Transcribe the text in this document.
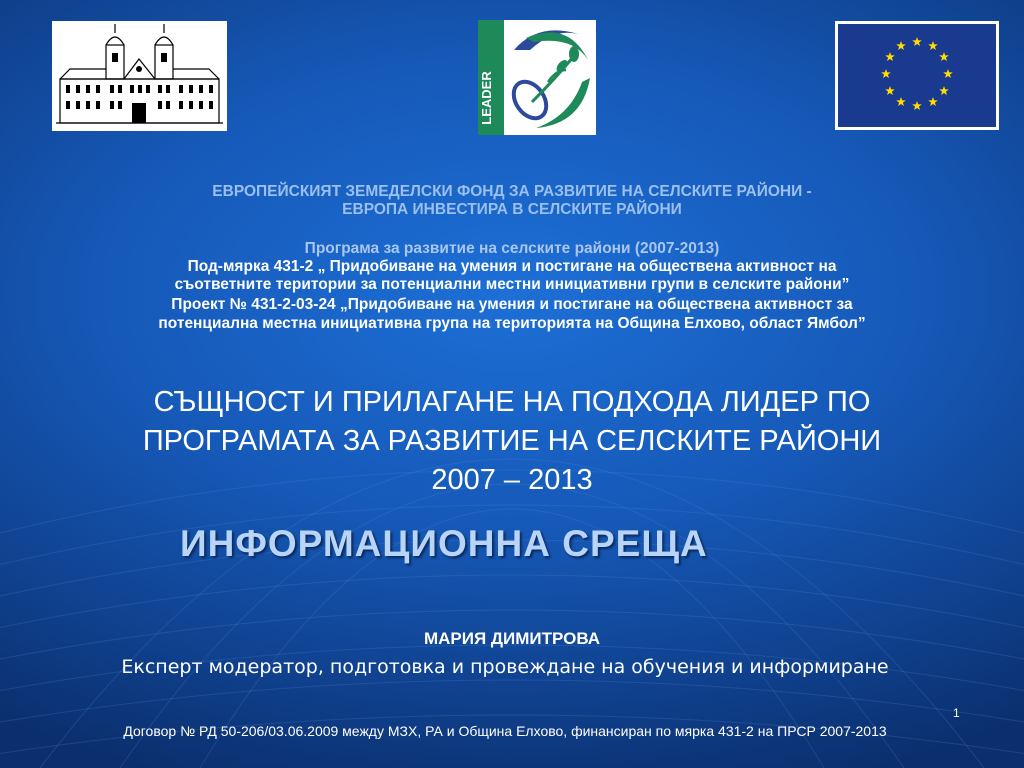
LEADER
ЕВРОПЕЙСКИЯТ ЗЕМЕДЕЛСКИ ФОНД ЗА РАЗВИТИЕ НА СЕЛСКИТЕ РАЙОНИ -
ЕВРОПА ИНВЕСТИРА В СЕЛСКИТЕ РАЙОНИ
Програма за развитие на селските райони (2007-2013)
Под-мярка 431-2 „ Придобиване на умения и постигане на обществена активност на
съответните територии за потенциални местни инициативни групи в селските райони”
Проект № 431-2-03-24 „Придобиване на умения и постигане на обществена активност за
потенциална местна инициативна група на територията на Община Елхово, област Ямбол”
СЪЩНОСТ И ПРИЛАГАНЕ НА ПОДХОДА ЛИДЕР ПО
ПРОГРАМАТА ЗА РАЗВИТИЕ НА СЕЛСКИТЕ РАЙОНИ
2007 – 2013
ИНФОРМАЦИОННА СРЕЩА
МАРИЯ ДИМИТРОВА
Експерт модератор, подготовка и провеждане на обучения и информиране
1
Договор № РД 50-206/03.06.2009 между МЗХ, РА и Община Елхово, финансиран по мярка 431-2 на ПРСР 2007-2013
